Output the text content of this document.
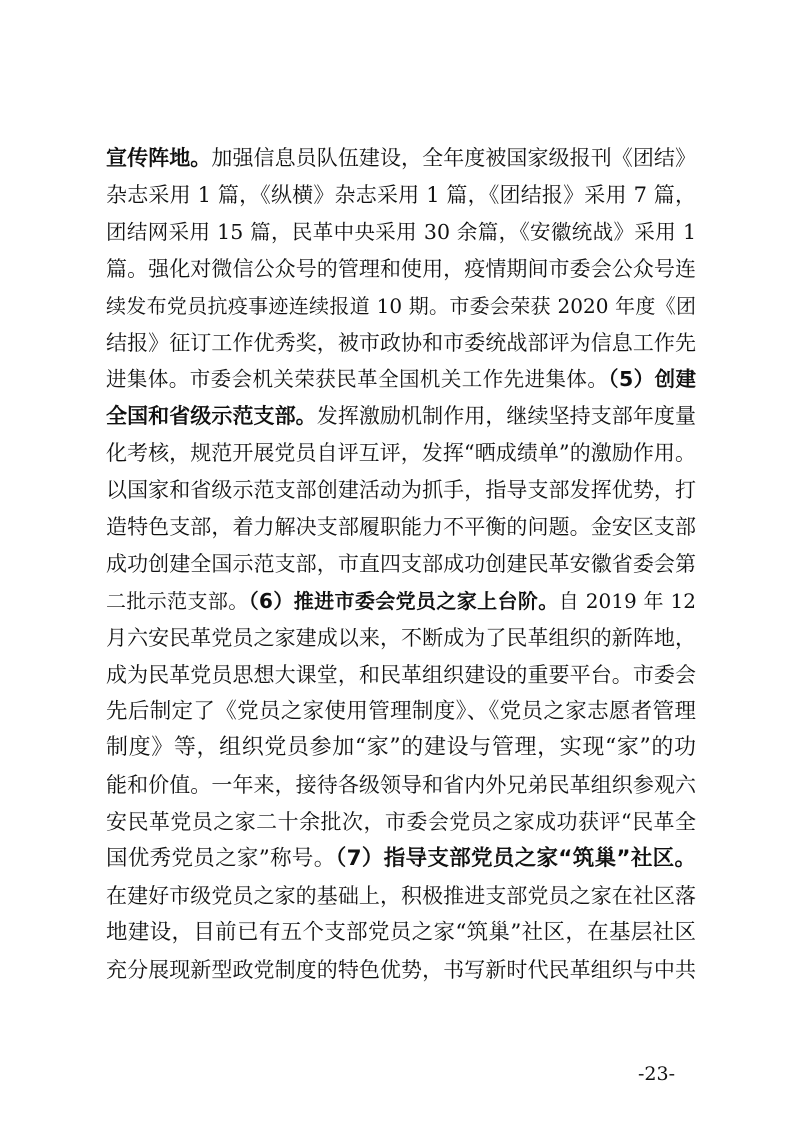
宣传阵地。加强信息员队伍建设，全年度被国家级报刊《团结》
杂志采用 1 篇，《纵横》杂志采用 1 篇，《团结报》采用 7 篇，
团结网采用 15 篇，民革中央采用 30 余篇，《安徽统战》采用 1
篇。强化对微信公众号的管理和使用，疫情期间市委会公众号连
续发布党员抗疫事迹连续报道 10 期。市委会荣获 2020 年度《团
结报》征订工作优秀奖，被市政协和市委统战部评为信息工作先
进集体。市委会机关荣获民革全国机关工作先进集体。（5）创建
全国和省级示范支部。发挥激励机制作用，继续坚持支部年度量
化考核，规范开展党员自评互评，发挥“晒成绩单”的激励作用。
以国家和省级示范支部创建活动为抓手，指导支部发挥优势，打
造特色支部，着力解决支部履职能力不平衡的问题。金安区支部
成功创建全国示范支部，市直四支部成功创建民革安徽省委会第
二批示范支部。（6）推进市委会党员之家上台阶。自 2019 年 12
月六安民革党员之家建成以来，不断成为了民革组织的新阵地，
成为民革党员思想大课堂，和民革组织建设的重要平台。市委会
先后制定了《党员之家使用管理制度》、《党员之家志愿者管理
制度》等，组织党员参加“家”的建设与管理，实现“家”的功
能和价值。一年来，接待各级领导和省内外兄弟民革组织参观六
安民革党员之家二十余批次，市委会党员之家成功获评“民革全
国优秀党员之家”称号。（7）指导支部党员之家“筑巢”社区。
在建好市级党员之家的基础上，积极推进支部党员之家在社区落
地建设，目前已有五个支部党员之家“筑巢”社区，在基层社区
充分展现新型政党制度的特色优势，书写新时代民革组织与中共
-23-
